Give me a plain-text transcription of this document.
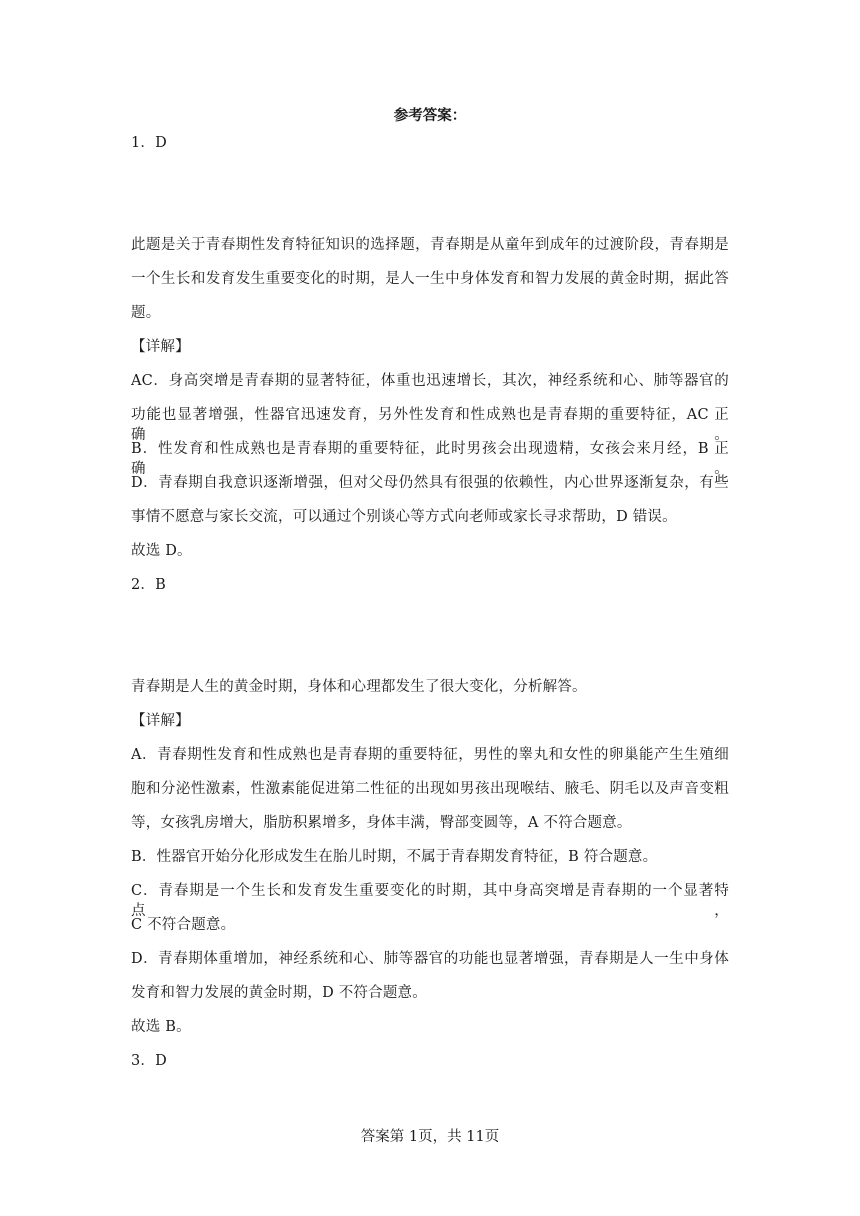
参考答案：
1．D
此题是关于青春期性发育特征知识的选择题，青春期是从童年到成年的过渡阶段，青春期是
一个生长和发育发生重要变化的时期，是人一生中身体发育和智力发展的黄金时期，据此答
题。
【详解】
AC．身高突增是青春期的显著特征，体重也迅速增长，其次，神经系统和心、肺等器官的
功能也显著增强，性器官迅速发育，另外性发育和性成熟也是青春期的重要特征，AC 正确。
B．性发育和性成熟也是青春期的重要特征，此时男孩会出现遗精，女孩会来月经，B 正确。
D．青春期自我意识逐渐增强，但对父母仍然具有很强的依赖性，内心世界逐渐复杂，有些
事情不愿意与家长交流，可以通过个别谈心等方式向老师或家长寻求帮助，D 错误。
故选 D。
2．B
青春期是人生的黄金时期，身体和心理都发生了很大变化，分析解答。
【详解】
A．青春期性发育和性成熟也是青春期的重要特征，男性的睾丸和女性的卵巢能产生生殖细
胞和分泌性激素，性激素能促进第二性征的出现如男孩出现喉结、腋毛、阴毛以及声音变粗
等，女孩乳房增大，脂肪积累增多，身体丰满，臀部变圆等，A 不符合题意。
B．性器官开始分化形成发生在胎儿时期，不属于青春期发育特征，B 符合题意。
C．青春期是一个生长和发育发生重要变化的时期，其中身高突增是青春期的一个显著特点，
C 不符合题意。
D．青春期体重增加，神经系统和心、肺等器官的功能也显著增强，青春期是人一生中身体
发育和智力发展的黄金时期，D 不符合题意。
故选 B。
3．D
答案第 1页，共 11页
